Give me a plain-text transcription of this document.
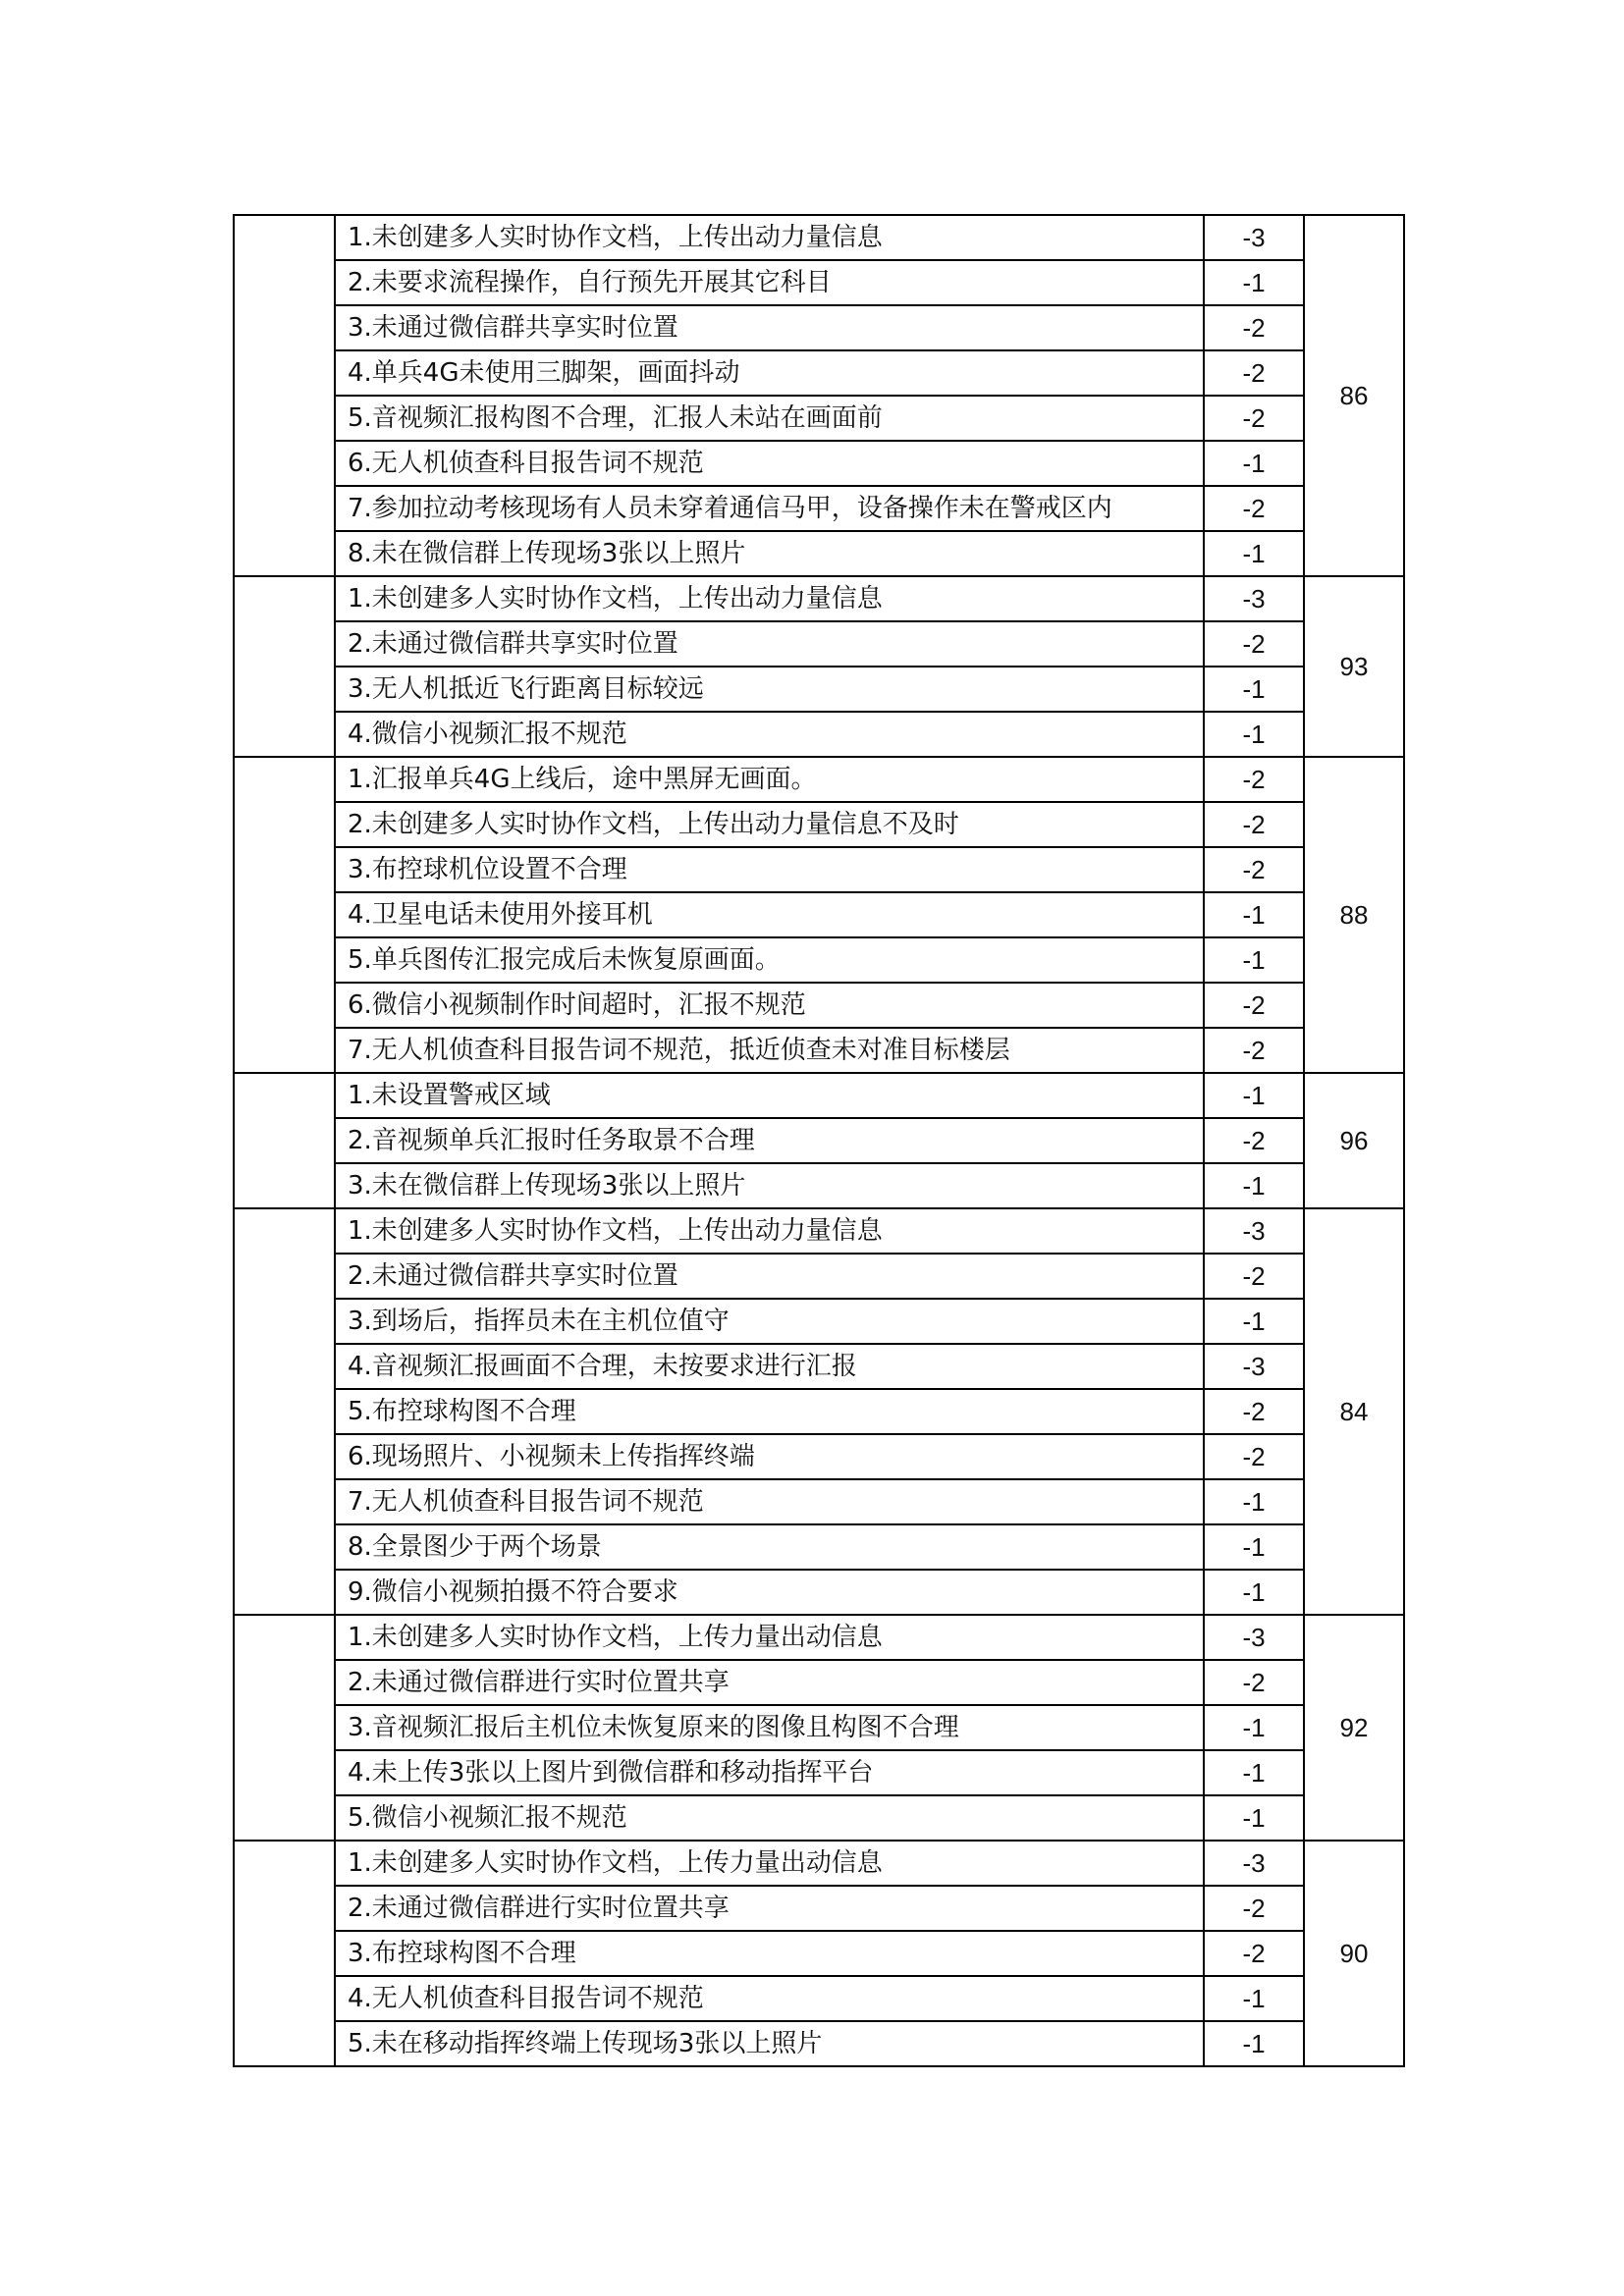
	1.未创建多人实时协作文档，上传出动力量信息	-3	86
	2.未要求流程操作，自行预先开展其它科目	-1	
	3.未通过微信群共享实时位置	-2	
	4.单兵4G未使用三脚架，画面抖动	-2	
	5.音视频汇报构图不合理，汇报人未站在画面前	-2	
	6.无人机侦查科目报告词不规范	-1	
	7.参加拉动考核现场有人员未穿着通信马甲，设备操作未在警戒区内	-2	
	8.未在微信群上传现场3张以上照片	-1	
	1.未创建多人实时协作文档，上传出动力量信息	-3	93
	2.未通过微信群共享实时位置	-2	
	3.无人机抵近飞行距离目标较远	-1	
	4.微信小视频汇报不规范	-1	
	1.汇报单兵4G上线后，途中黑屏无画面。	-2	88
	2.未创建多人实时协作文档，上传出动力量信息不及时	-2	
	3.布控球机位设置不合理	-2	
	4.卫星电话未使用外接耳机	-1	
	5.单兵图传汇报完成后未恢复原画面。	-1	
	6.微信小视频制作时间超时，汇报不规范	-2	
	7.无人机侦查科目报告词不规范，抵近侦查未对准目标楼层	-2	
	1.未设置警戒区域	-1	96
	2.音视频单兵汇报时任务取景不合理	-2	
	3.未在微信群上传现场3张以上照片	-1	
	1.未创建多人实时协作文档，上传出动力量信息	-3	84
	2.未通过微信群共享实时位置	-2	
	3.到场后，指挥员未在主机位值守	-1	
	4.音视频汇报画面不合理，未按要求进行汇报	-3	
	5.布控球构图不合理	-2	
	6.现场照片、小视频未上传指挥终端	-2	
	7.无人机侦查科目报告词不规范	-1	
	8.全景图少于两个场景	-1	
	9.微信小视频拍摄不符合要求	-1	
	1.未创建多人实时协作文档，上传力量出动信息	-3	92
	2.未通过微信群进行实时位置共享	-2	
	3.音视频汇报后主机位未恢复原来的图像且构图不合理	-1	
	4.未上传3张以上图片到微信群和移动指挥平台	-1	
	5.微信小视频汇报不规范	-1	
	1.未创建多人实时协作文档，上传力量出动信息	-3	90
	2.未通过微信群进行实时位置共享	-2	
	3.布控球构图不合理	-2	
	4.无人机侦查科目报告词不规范	-1	
	5.未在移动指挥终端上传现场3张以上照片	-1	
